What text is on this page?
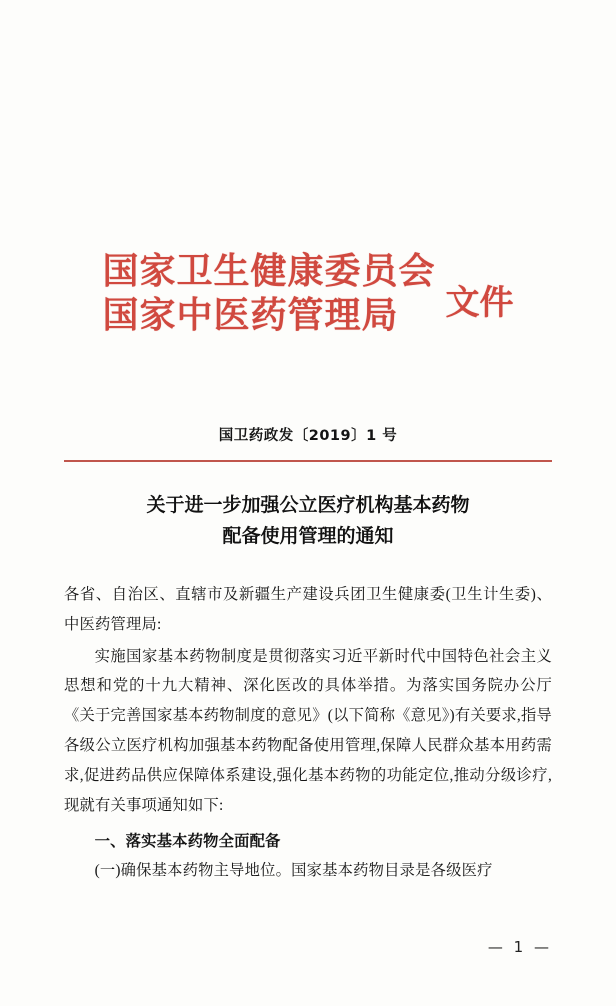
国家卫生健康委员会
国家中医药管理局 文件
国卫药政发〔2019〕1 号
关于进一步加强公立医疗机构基本药物
配备使用管理的通知

各省、自治区、直辖市及新疆生产建设兵团卫生健康委(卫生计生委)、中医药管理局:

实施国家基本药物制度是贯彻落实习近平新时代中国特色社会主义思想和党的十九大精神、深化医改的具体举措。为落实国务院办公厅《关于完善国家基本药物制度的意见》(以下简称《意见》)有关要求,指导各级公立医疗机构加强基本药物配备使用管理,保障人民群众基本用药需求,促进药品供应保障体系建设,强化基本药物的功能定位,推动分级诊疗,现就有关事项通知如下:

一、落实基本药物全面配备

(一)确保基本药物主导地位。国家基本药物目录是各级医疗

— 1 —
